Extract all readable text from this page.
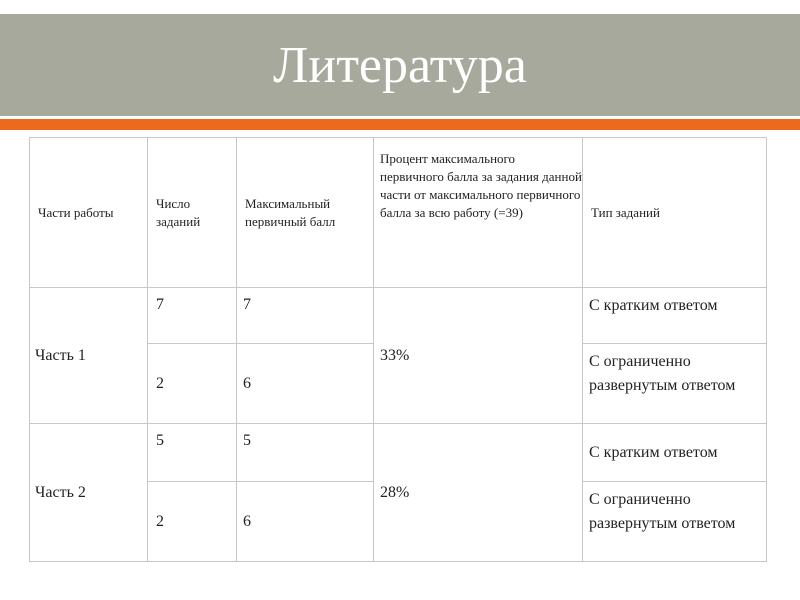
Литература
Части работы	Число заданий	Максимальный первичный балл	Процент максимального первичного балла за задания данной части от максимального первичного балла за всю работу (=39)	Тип заданий
Часть 1	7	7	33%	С кратким ответом
	2	6		С ограниченно развернутым ответом
Часть 2	5	5	28%	С кратким ответом
	2	6		С ограниченно развернутым ответом
